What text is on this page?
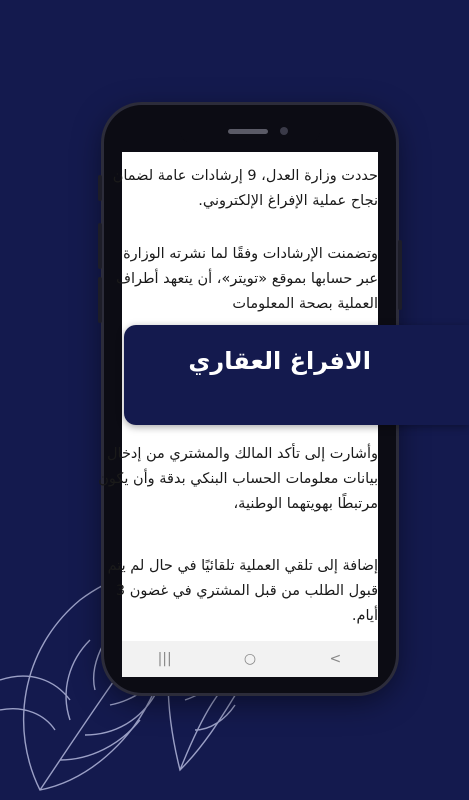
حددت وزارة العدل، 9 إرشادات عامة لضمان نجاح عملية الإفراغ الإلكتروني.
وتضمنت الإرشادات وفقًا لما نشرته الوزارة عبر حسابها بموقع «تويتر»، أن يتعهد أطراف العملية بصحة المعلومات
وأشارت إلى تأكد المالك والمشتري من إدخال بيانات معلومات الحساب البنكي بدقة وأن يكون مرتبطًا بهويتهما الوطنية،
إضافة إلى تلقي العملية تلقائيًا في حال لم يتم قبول الطلب من قبل المشتري في غضون 3 أيام.
|||	○	<
الافراغ العقاري
